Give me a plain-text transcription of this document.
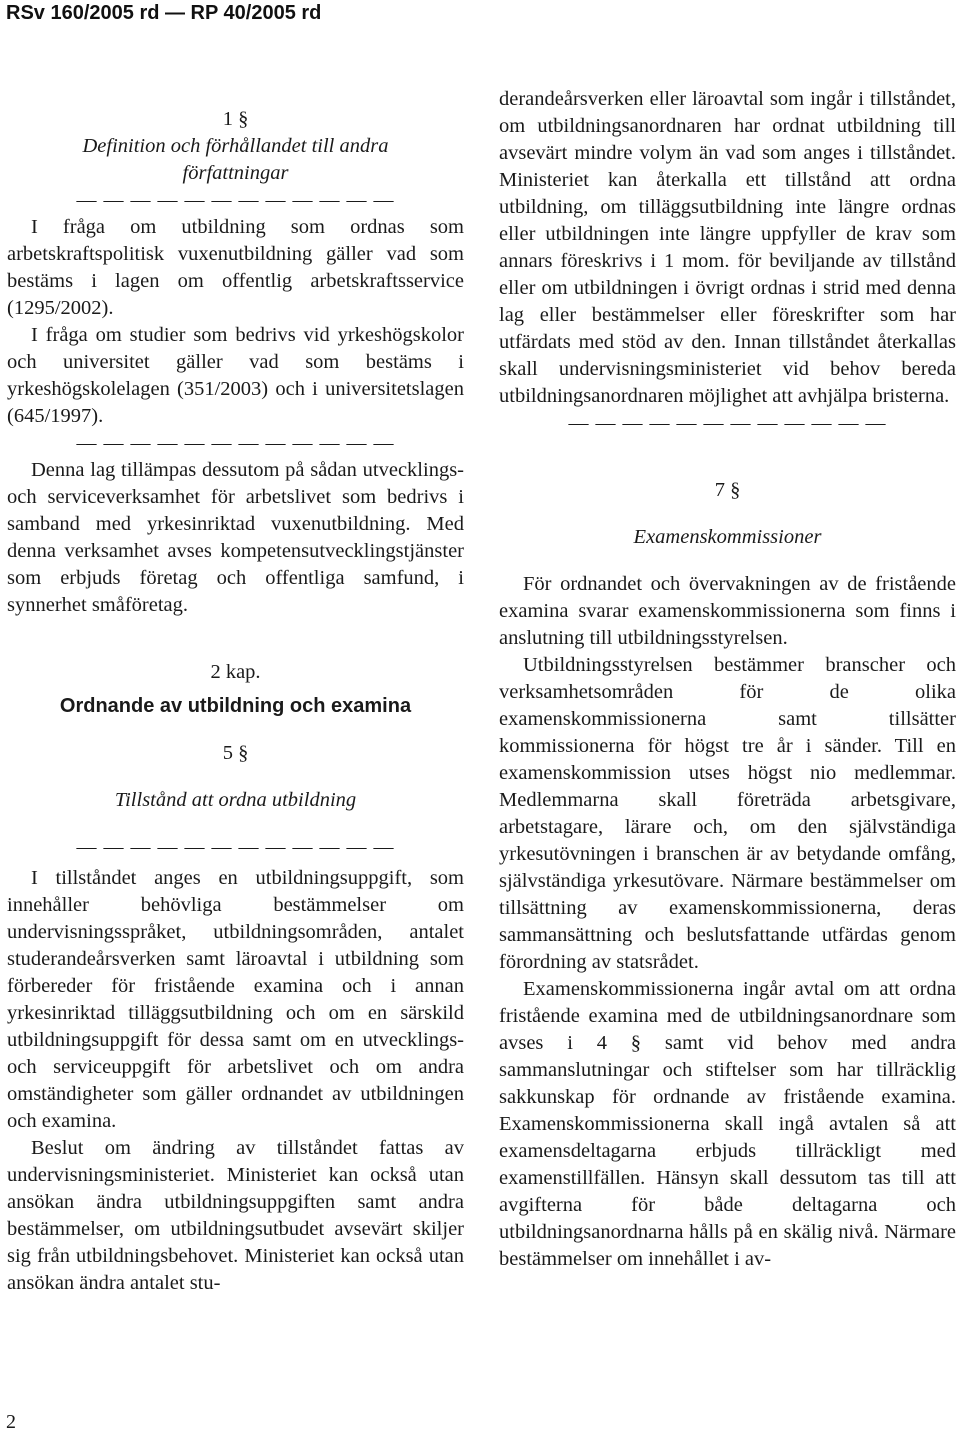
RSv 160/2005 rd — RP 40/2005 rd

1 §

Definition och förhållandet till andra författningar

— — — — — — — — — — — —

I fråga om utbildning som ordnas som arbetskraftspolitisk vuxenutbildning gäller vad som bestäms i lagen om offentlig arbetskraftsservice (1295/2002).

I fråga om studier som bedrivs vid yrkeshögskolor och universitet gäller vad som bestäms i yrkeshögskolelagen (351/2003) och i universitetslagen (645/1997).

— — — — — — — — — — — —

Denna lag tillämpas dessutom på sådan utvecklings- och serviceverksamhet för arbetslivet som bedrivs i samband med yrkesinriktad vuxenutbildning. Med denna verksamhet avses kompetensutvecklingstjänster som erbjuds företag och offentliga samfund, i synnerhet småföretag.

2 kap.

Ordnande av utbildning och examina

5 §

Tillstånd att ordna utbildning

— — — — — — — — — — — —

I tillståndet anges en utbildningsuppgift, som innehåller behövliga bestämmelser om undervisningsspråket, utbildningsområden, antalet studerandeårsverken samt läroavtal i utbildning som förbereder för fristående examina och i annan yrkesinriktad tilläggsutbildning och om en särskild utbildningsuppgift för dessa samt om en utvecklings- och serviceuppgift för arbetslivet och om andra omständigheter som gäller ordnandet av utbildningen och examina.

Beslut om ändring av tillståndet fattas av undervisningsministeriet. Ministeriet kan också utan ansökan ändra utbildningsuppgiften samt andra bestämmelser, om utbildningsutbudet avsevärt skiljer sig från utbildningsbehovet. Ministeriet kan också utan ansökan ändra antalet stu-

derandeårsverken eller läroavtal som ingår i tillståndet, om utbildningsanordnaren har ordnat utbildning till avsevärt mindre volym än vad som anges i tillståndet. Ministeriet kan återkalla ett tillstånd att ordna utbildning, om tilläggsutbildning inte längre ordnas eller utbildningen inte längre uppfyller de krav som annars föreskrivs i 1 mom. för beviljande av tillstånd eller om utbildningen i övrigt ordnas i strid med denna lag eller bestämmelser eller föreskrifter som har utfärdats med stöd av den. Innan tillståndet återkallas skall undervisningsministeriet vid behov bereda utbildningsanordnaren möjlighet att avhjälpa bristerna.

— — — — — — — — — — — —

7 §

Examenskommissioner

För ordnandet och övervakningen av de fristående examina svarar examenskommissionerna som finns i anslutning till utbildningsstyrelsen.

Utbildningsstyrelsen bestämmer branscher och verksamhetsområden för de olika examenskommissionerna samt tillsätter kommissionerna för högst tre år i sänder. Till en examenskommission utses högst nio medlemmar. Medlemmarna skall företräda arbetsgivare, arbetstagare, lärare och, om den självständiga yrkesutövningen i branschen är av betydande omfång, självständiga yrkesutövare. Närmare bestämmelser om tillsättning av examenskommissionerna, deras sammansättning och beslutsfattande utfärdas genom förordning av statsrådet.

Examenskommissionerna ingår avtal om att ordna fristående examina med de utbildningsanordnare som avses i 4 § samt vid behov med andra sammanslutningar och stiftelser som har tillräcklig sakkunskap för ordnande av fristående examina. Examenskommissionerna skall ingå avtalen så att examensdeltagarna erbjuds tillräckligt med examenstillfällen. Hänsyn skall dessutom tas till att avgifterna för både deltagarna och utbildningsanordnarna hålls på en skälig nivå. Närmare bestämmelser om innehållet i av-

2
